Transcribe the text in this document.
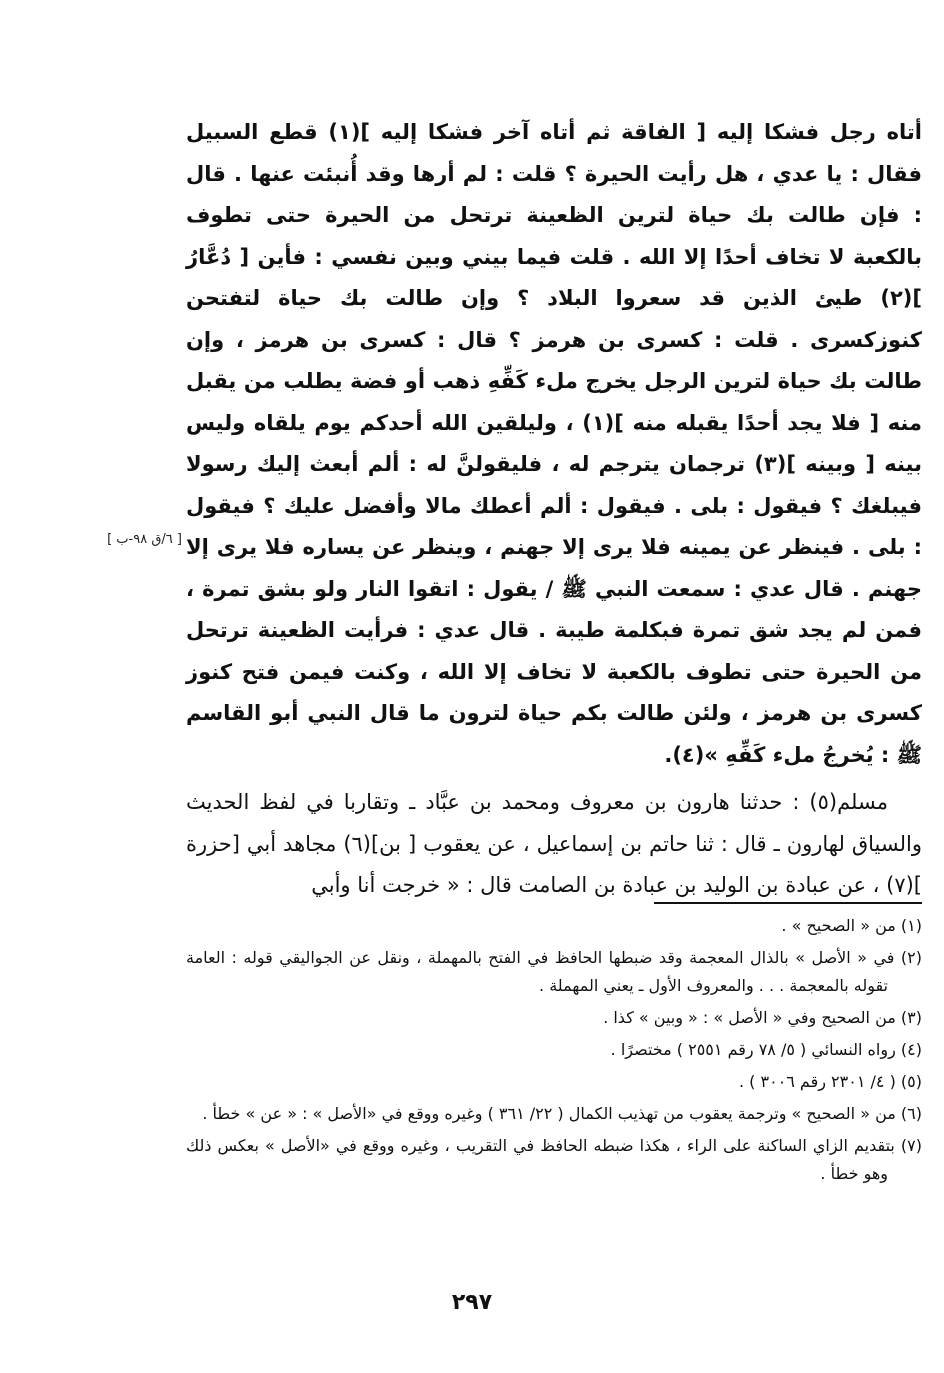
أتاه رجل فشكا إليه [ الفاقة ثم أتاه آخر فشكا إليه ](١) قطع السبيل فقال : يا عدي ، هل رأيت الحيرة ؟ قلت : لم أرها وقد أُنبئت عنها . قال : فإن طالت بك حياة لترين الظعينة ترتحل من الحيرة حتى تطوف بالكعبة لا تخاف أحدًا إلا الله . قلت فيما بيني وبين نفسي : فأين [ دُعَّارُ ](٢) طيئ الذين قد سعروا البلاد ؟ وإن طالت بك حياة لتفتحن كنوزكسرى . قلت : كسرى بن هرمز ؟ قال : كسرى بن هرمز ، وإن طالت بك حياة لترين الرجل يخرج ملء كَفِّهِ ذهب أو فضة يطلب من يقبل منه [ فلا يجد أحدًا يقبله منه ](١) ، وليلقين الله أحدكم يوم يلقاه وليس بينه [ وبينه ](٣) ترجمان يترجم له ، فليقولنَّ له : ألم أبعث إليك رسولا فيبلغك ؟ فيقول : بلى . فيقول : ألم أعطك مالا وأفضل عليك ؟ فيقول : بلى . فينظر عن يمينه فلا يرى إلا جهنم ، وينظر عن يساره فلا يرى إلا جهنم . قال عدي : سمعت النبي ﷺ / يقول : اتقوا النار ولو بشق تمرة ، فمن لم يجد شق تمرة فبكلمة طيبة . قال عدي : فرأيت الظعينة ترتحل من الحيرة حتى تطوف بالكعبة لا تخاف إلا الله ، وكنت فيمن فتح كنوز كسرى بن هرمز ، ولئن طالت بكم حياة لترون ما قال النبي أبو القاسم ﷺ : يُخرجُ ملء كَفِّهِ »(٤).

مسلم(٥) : حدثنا هارون بن معروف ومحمد بن عبَّاد ـ وتقاربا في لفظ الحديث والسياق لهارون ـ قال : ثنا حاتم بن إسماعيل ، عن يعقوب [ بن](٦) مجاهد أبي [حزرة ](٧) ، عن عبادة بن الوليد بن عبادة بن الصامت قال : « خرجت أنا وأبي

[ ٦/ق ٩٨-ب ]

(١) من « الصحيح » .

(٢) في « الأصل » بالذال المعجمة وقد ضبطها الحافظ في الفتح بالمهملة ، ونقل عن الجواليقي قوله : العامة تقوله بالمعجمة . . . والمعروف الأول ـ يعني المهملة .

(٣) من الصحيح وفي « الأصل » : « وبين » كذا .

(٤) رواه النسائي ( ٥/ ٧٨ رقم ٢٥٥١ ) مختصرًا .

(٥) ( ٤/ ٢٣٠١ رقم ٣٠٠٦ ) .

(٦) من « الصحيح » وترجمة يعقوب من تهذيب الكمال ( ٢٢/ ٣٦١ ) وغيره ووقع في «الأصل » : « عن » خطأ .

(٧) بتقديم الزاي الساكنة على الراء ، هكذا ضبطه الحافظ في التقريب ، وغيره ووقع في «الأصل » بعكس ذلك وهو خطأ .

٢٩٧
